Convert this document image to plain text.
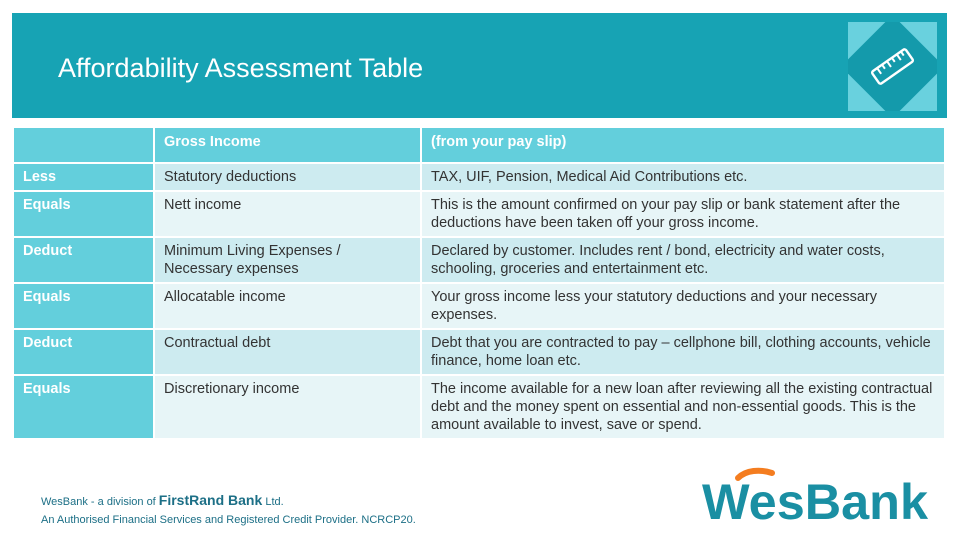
Affordability Assessment Table
	Gross Income	(from your pay slip)
Less	Statutory deductions	TAX, UIF, Pension, Medical Aid Contributions etc.
Equals	Nett income	This is the amount confirmed on your pay slip or bank statement after the deductions have been taken off your gross income.
Deduct	Minimum Living Expenses / Necessary expenses	Declared by customer. Includes rent / bond, electricity and water costs, schooling, groceries and entertainment etc.
Equals	Allocatable income	Your gross income less your statutory deductions and your necessary expenses.
Deduct	Contractual debt	Debt that you are contracted to pay – cellphone bill, clothing accounts, vehicle finance, home loan etc.
Equals	Discretionary income	The income available for a new loan after reviewing all the existing contractual debt and the money spent on essential and non-essential goods. This is the amount available to invest, save or spend.
WesBank - a division of FirstRand Bank Ltd.
An Authorised Financial Services and Registered Credit Provider. NCRCP20.	WesBank
